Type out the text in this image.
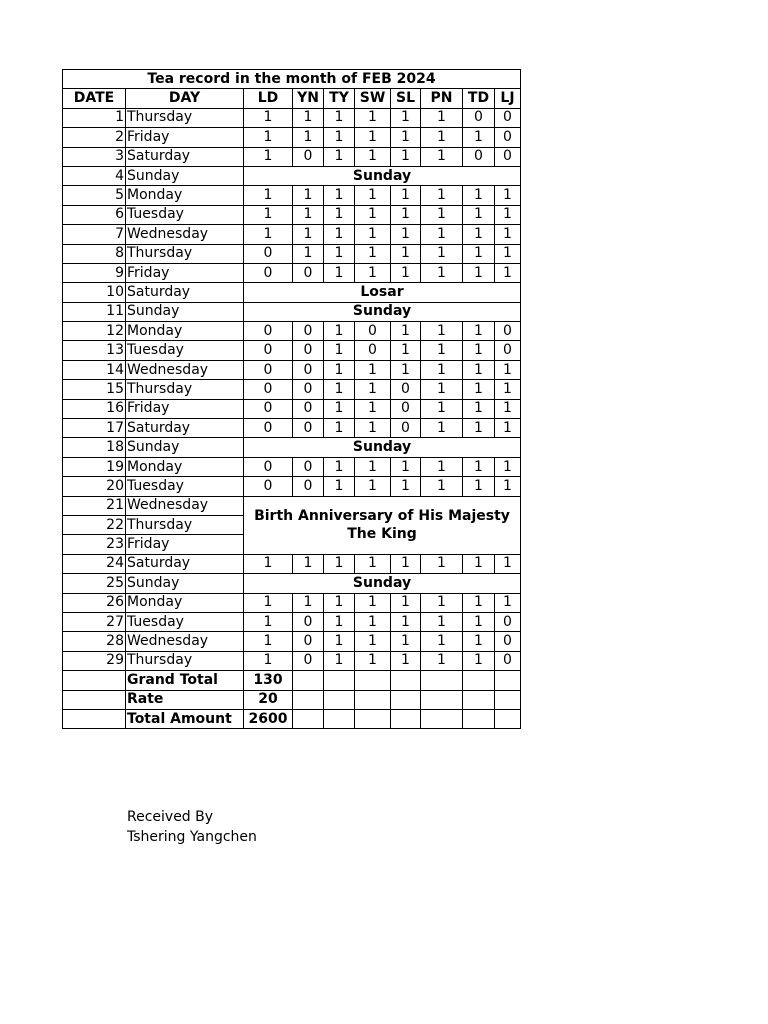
Tea record in the month of FEB 2024									
DATE	DAY	LD	YN	TY	SW	SL	PN	TD	LJ
1	Thursday	1	1	1	1	1	1	0	0
2	Friday	1	1	1	1	1	1	1	0
3	Saturday	1	0	1	1	1	1	0	0
4	Sunday	Sunday							
5	Monday	1	1	1	1	1	1	1	1
6	Tuesday	1	1	1	1	1	1	1	1
7	Wednesday	1	1	1	1	1	1	1	1
8	Thursday	0	1	1	1	1	1	1	1
9	Friday	0	0	1	1	1	1	1	1
10	Saturday	Losar							
11	Sunday	Sunday							
12	Monday	0	0	1	0	1	1	1	0
13	Tuesday	0	0	1	0	1	1	1	0
14	Wednesday	0	0	1	1	1	1	1	1
15	Thursday	0	0	1	1	0	1	1	1
16	Friday	0	0	1	1	0	1	1	1
17	Saturday	0	0	1	1	0	1	1	1
18	Sunday	Sunday							
19	Monday	0	0	1	1	1	1	1	1
20	Tuesday	0	0	1	1	1	1	1	1
21	Wednesday	Birth Anniversary of His Majesty The King							
22	Thursday								
23	Friday								
24	Saturday	1	1	1	1	1	1	1	1
25	Sunday	Sunday							
26	Monday	1	1	1	1	1	1	1	1
27	Tuesday	1	0	1	1	1	1	1	0
28	Wednesday	1	0	1	1	1	1	1	0
29	Thursday	1	0	1	1	1	1	1	0
	Grand Total	130							
	Rate	20							
	Total Amount	2600							
Received By
Tshering Yangchen
